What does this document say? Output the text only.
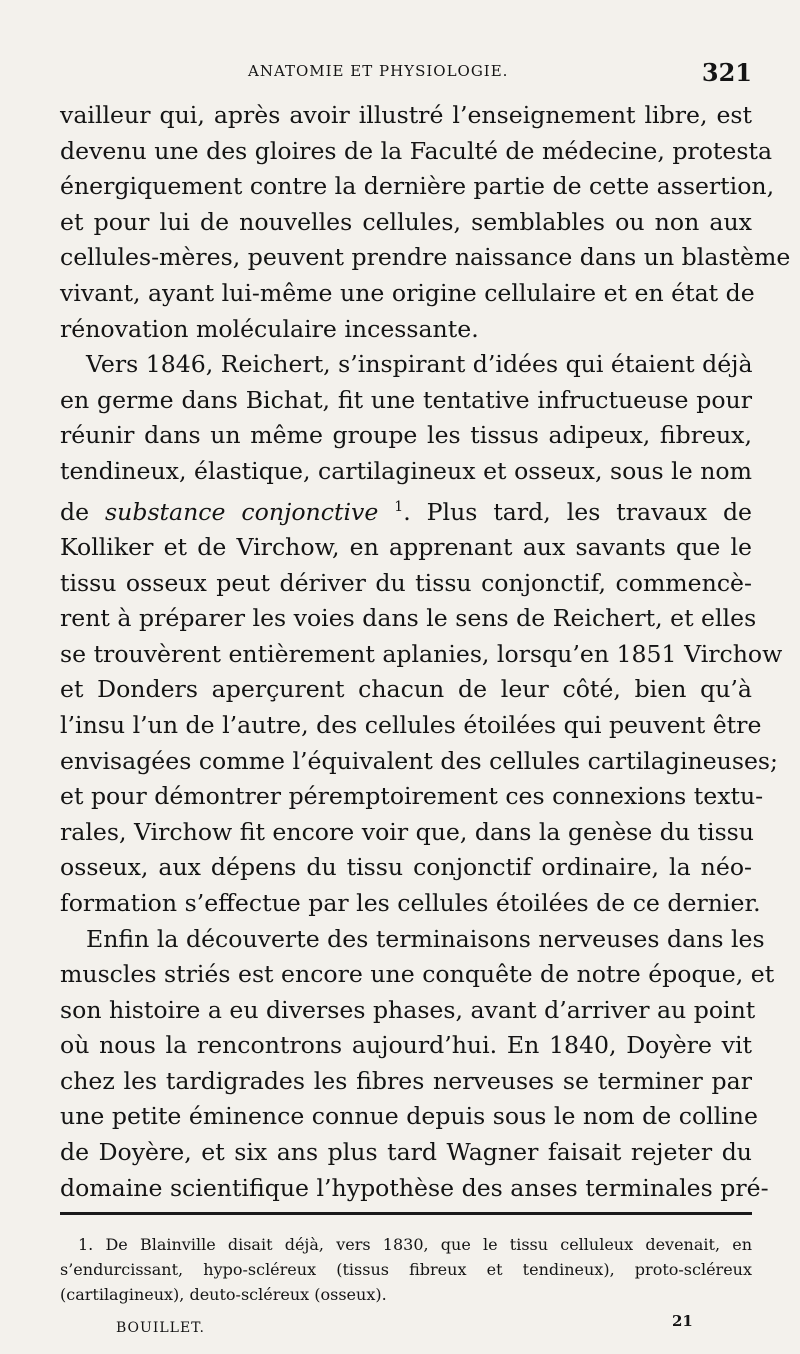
ANATOMIE ET PHYSIOLOGIE.	321

vailleur qui, après avoir illustré l’enseignement libre, est
devenu une des gloires de la Faculté de médecine, protesta
énergiquement contre la dernière partie de cette assertion,
et pour lui de nouvelles cellules, semblables ou non aux
cellules-mères, peuvent prendre naissance dans un blastème
vivant, ayant lui-même une origine cellulaire et en état de
rénovation moléculaire incessante.

Vers 1846, Reichert, s’inspirant d’idées qui étaient déjà
en germe dans Bichat, fit une tentative infructueuse pour
réunir dans un même groupe les tissus adipeux, fibreux,
tendineux, élastique, cartilagineux et osseux, sous le nom
de substance conjonctive $^1$. Plus tard, les travaux de
Kolliker et de Virchow, en apprenant aux savants que le
tissu osseux peut dériver du tissu conjonctif, commencè-
rent à préparer les voies dans le sens de Reichert, et elles
se trouvèrent entièrement aplanies, lorsqu’en 1851 Virchow
et Donders aperçurent chacun de leur côté, bien qu’à
l’insu l’un de l’autre, des cellules étoilées qui peuvent être
envisagées comme l’équivalent des cellules cartilagineuses;
et pour démontrer péremptoirement ces connexions textu-
rales, Virchow fit encore voir que, dans la genèse du tissu
osseux, aux dépens du tissu conjonctif ordinaire, la néo-
formation s’effectue par les cellules étoilées de ce dernier.

Enfin la découverte des terminaisons nerveuses dans les
muscles striés est encore une conquête de notre époque, et
son histoire a eu diverses phases, avant d’arriver au point
où nous la rencontrons aujourd’hui. En 1840, Doyère vit
chez les tardigrades les fibres nerveuses se terminer par
une petite éminence connue depuis sous le nom de colline
de Doyère, et six ans plus tard Wagner faisait rejeter du
domaine scientifique l’hypothèse des anses terminales pré-

1. De Blainville disait déjà, vers 1830, que le tissu celluleux devenait, en
s’endurcissant, hypo-scléreux (tissus fibreux et tendineux), proto-scléreux
(cartilagineux), deuto-scléreux (osseux).
BOUILLET.	21
